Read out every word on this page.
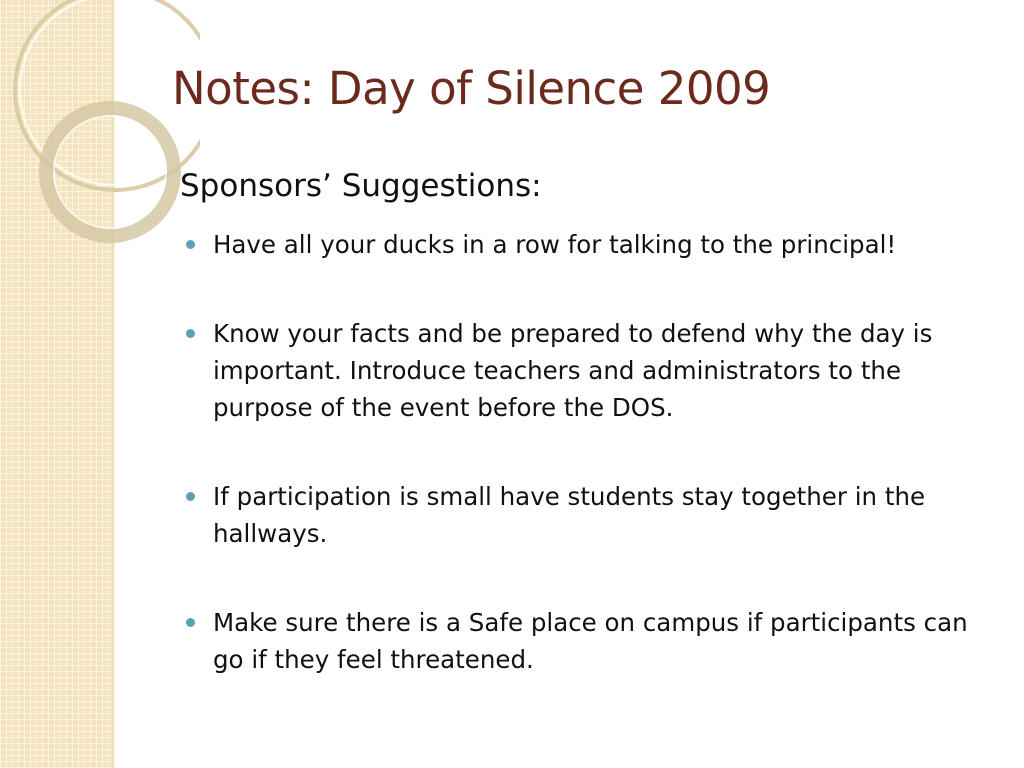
Notes: Day of Silence 2009
Sponsors’ Suggestions:
Have all your ducks in a row for talking to the principal!
Know your facts and be prepared to defend why the day is important. Introduce teachers and administrators to the purpose of the event before the DOS.
If participation is small have students stay together in the hallways.
Make sure there is a Safe place on campus if participants can go if they feel threatened.
